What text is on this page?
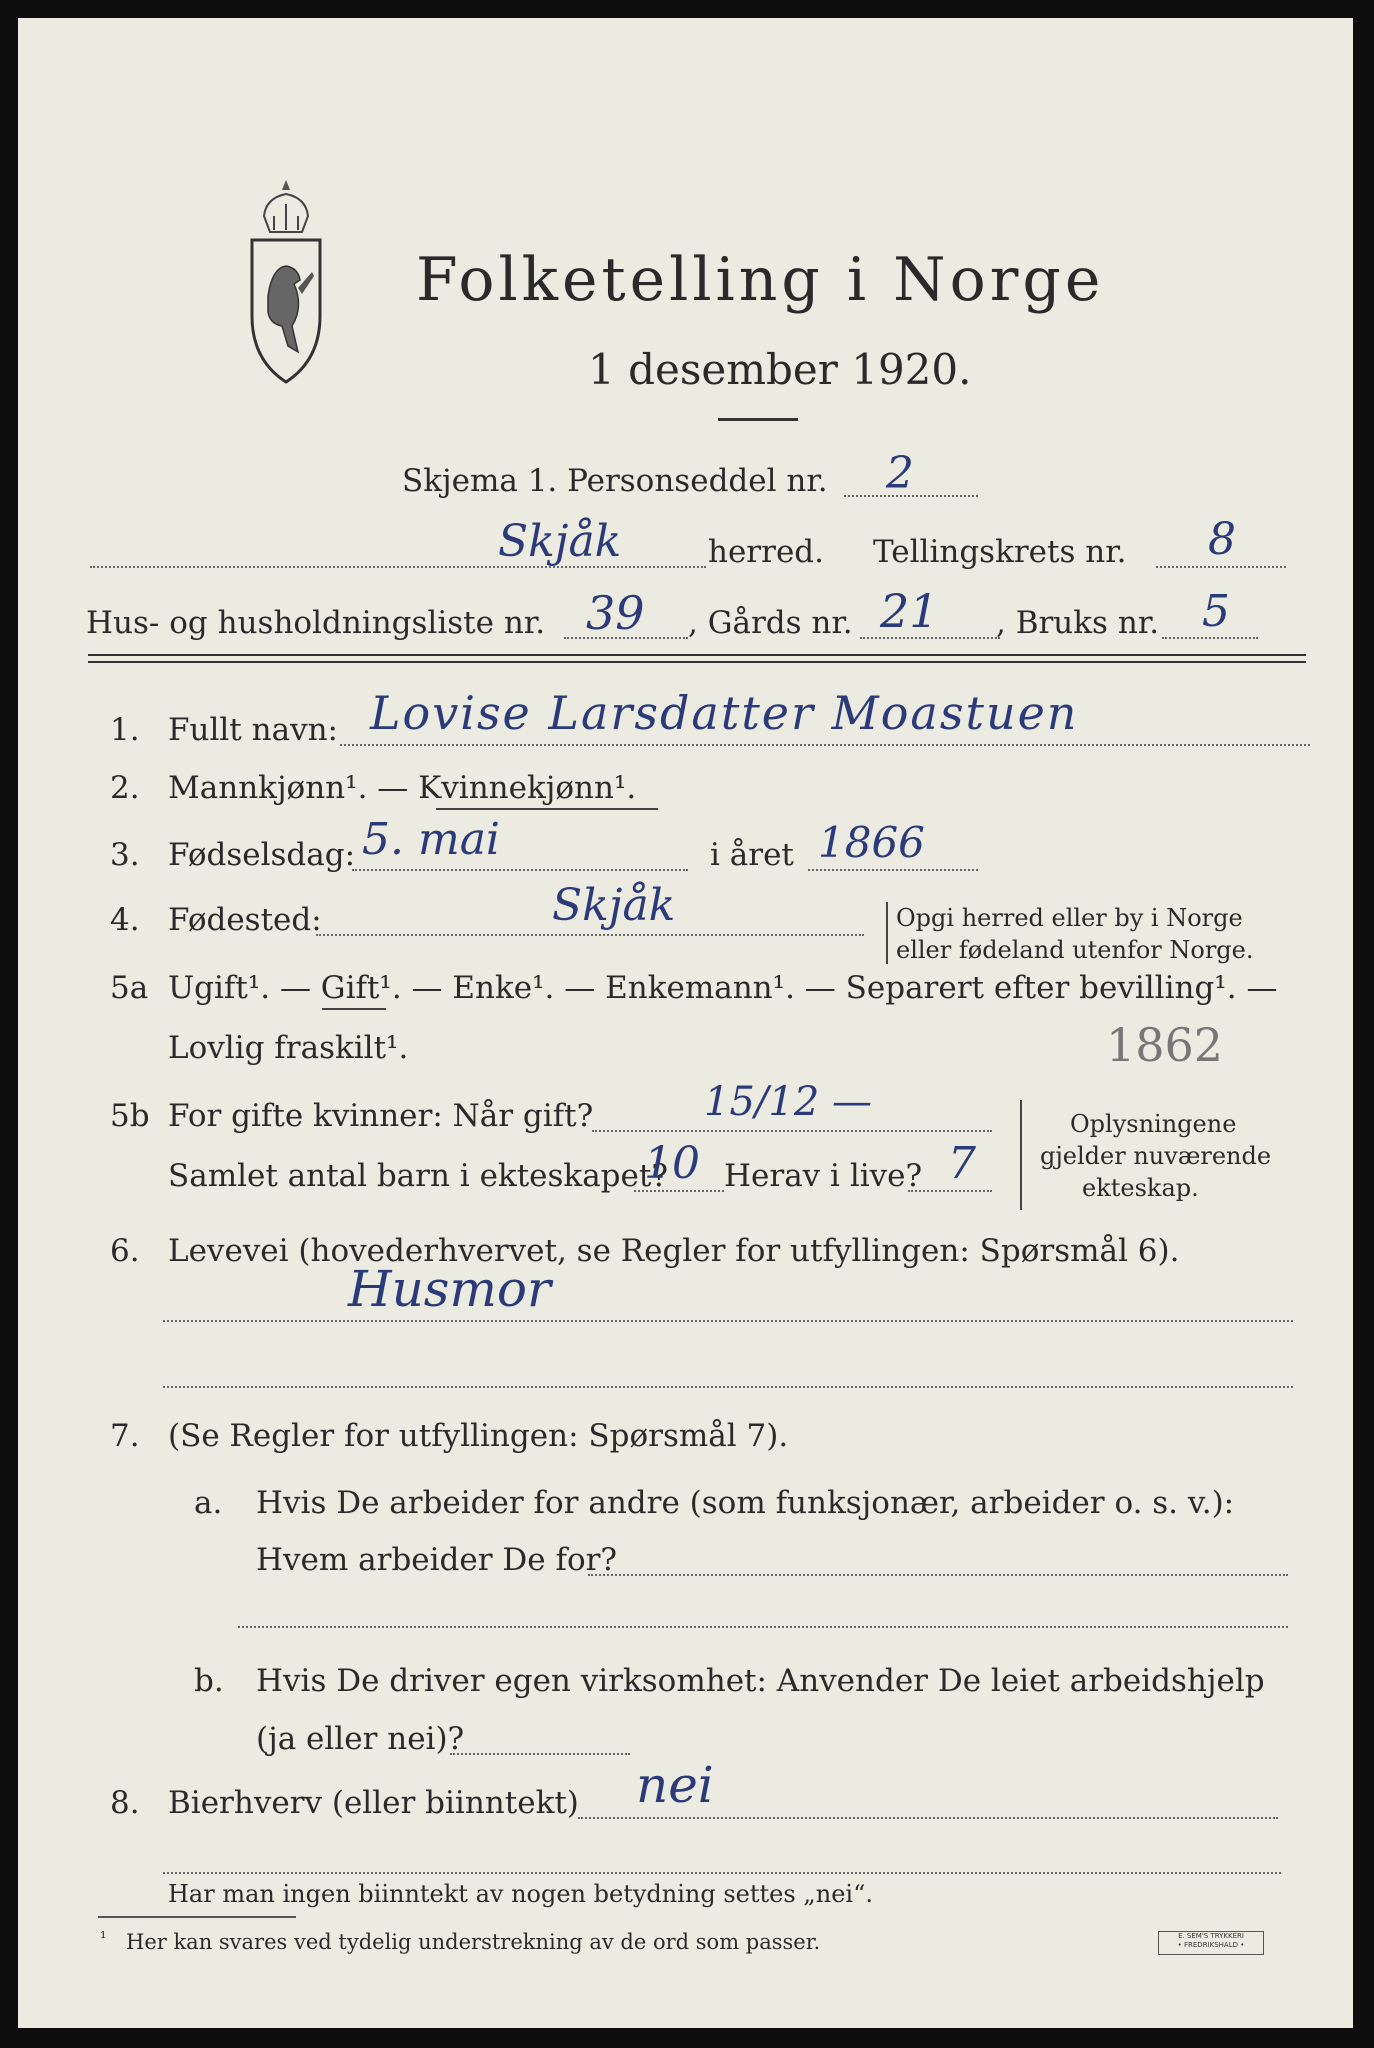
Folketelling i Norge
1 desember 1920.
Skjema 1. Personseddel nr. 2
Skjåk	herred. Tellingskrets nr. 8
Hus- og husholdningsliste nr. 39 , Gårds nr. 21 , Bruks nr. 5
1. Fullt navn: Lovise Larsdatter Moastuen
2. Mannkjønn¹. — Kvinnekjønn¹.
3. Fødselsdag: 5. mai	i året 1866
4. Fødested:	Skjåk	Opgi herred eller by i Norge
eller fødeland utenfor Norge.
5a Ugift¹. — Gift¹. — Enke¹. — Enkemann¹. — Separert efter bevilling¹. —
Lovlig fraskilt¹.	1862
5b For gifte kvinner: Når gift?	15/12 —
Samlet antal barn i ekteskapet?
10 Herav i live? 7
Oplysningene
gjelder nuværende
ekteskap.
6. Levevei (hovederhvervet, se Regler for utfyllingen: Spørsmål 6).
Husmor
7. (Se Regler for utfyllingen: Spørsmål 7).
a. Hvis De arbeider for andre (som funksjonær, arbeider o. s. v.):
Hvem arbeider De for?
b. Hvis De driver egen virksomhet: Anvender De leiet arbeidshjelp
(ja eller nei)?
8. Bierhverv (eller biinntekt) nei
Har man ingen biinntekt av nogen betydning settes „nei“.
¹ Her kan svares ved tydelig understrekning av de ord som passer.	E. SEM'S TRYKKERI
• FREDRIKSHALD •
